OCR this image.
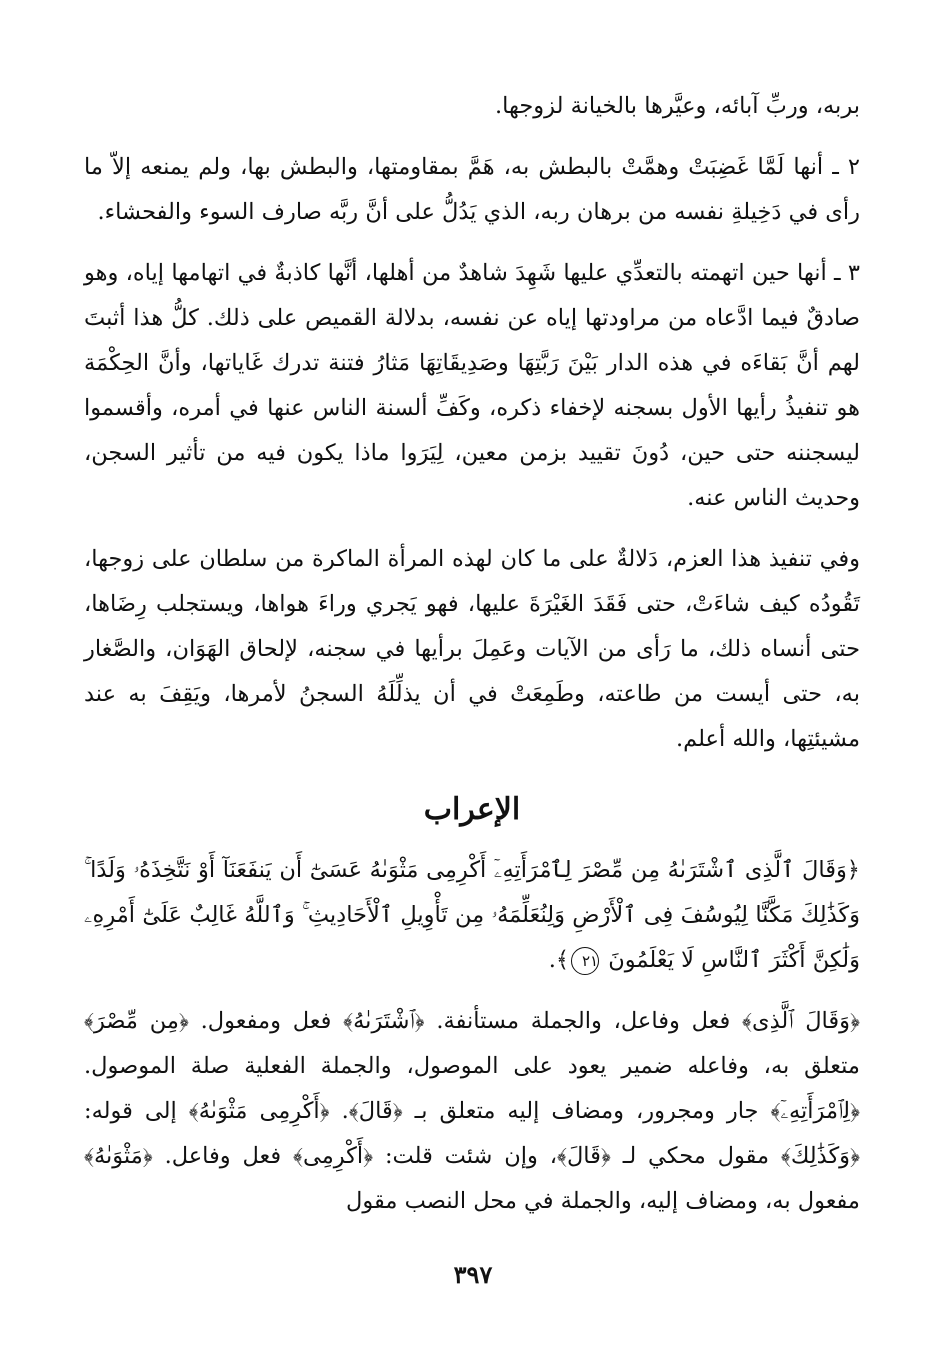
بربه، وربِّ آبائه، وعيَّرها بالخيانة لزوجها.

٢ ـ أنها لَمَّا غَضِبَتْ وهمَّتْ بالبطش به، هَمَّ بمقاومتها، والبطش بها، ولم يمنعه إلاّ ما رأى في دَخِيلةِ نفسه من برهان ربه، الذي يَدُلُّ على أنَّ ربَّه صارف السوء والفحشاء.

٣ ـ أنها حين اتهمته بالتعدِّي عليها شَهِدَ شاهدٌ من أهلها، أنَّها كاذبةٌ في اتهامها إياه، وهو صادقٌ فيما ادَّعاه من مراودتها إياه عن نفسه، بدلالة القميص على ذلك. كلُّ هذا أثبتَ لهم أنَّ بَقاءَه في هذه الدار بَيْنَ رَبَّتِهَا وصَدِيقَاتِهَا مَثارُ فتنة تدرك غَاياتها، وأنَّ الحِكْمَة هو تنفيذُ رأيها الأول بسجنه لإخفاء ذكره، وكَفِّ ألسنة الناس عنها في أمره، وأقسموا ليسجننه حتى حين، دُونَ تقييد بزمن معين، لِيَرَوا ماذا يكون فيه من تأثير السجن، وحديث الناس عنه.

وفي تنفيذ هذا العزم، دَلالةٌ على ما كان لهذه المرأة الماكرة من سلطان على زوجها، تَقُودُه كيف شاءَتْ، حتى فَقَدَ الغَيْرَةَ عليها، فهو يَجري وراءَ هواها، ويستجلب رِضَاها، حتى أنساه ذلك، ما رَأى من الآيات وعَمِلَ برأيها في سجنه، لإلحاق الهَوَان، والصَّغار به، حتى أيست من طاعته، وطَمِعَتْ في أن يذلِّلَهُ السجنُ لأمرها، ويَقِفَ به عند مشيئتِها، والله أعلم.

الإعراب

﴿وَقَالَ ٱلَّذِى ٱشْتَرَىٰهُ مِن مِّصْرَ لِٱمْرَأَتِهِۦٓ أَكْرِمِى مَثْوَىٰهُ عَسَىٰٓ أَن يَنفَعَنَآ أَوْ نَتَّخِذَهُۥ وَلَدًا ۚ وَكَذَٰلِكَ مَكَّنَّا لِيُوسُفَ فِى ٱلْأَرْضِ وَلِنُعَلِّمَهُۥ مِن تَأْوِيلِ ٱلْأَحَادِيثِ ۚ وَٱللَّهُ غَالِبٌ عَلَىٰٓ أَمْرِهِۦ وَلَٰكِنَّ أَكْثَرَ ٱلنَّاسِ لَا يَعْلَمُونَ ٢١﴾.

﴿وَقَالَ ٱلَّذِى﴾ فعل وفاعل، والجملة مستأنفة. ﴿ٱشْتَرَىٰهُ﴾ فعل ومفعول. ﴿مِن مِّصْرَ﴾ متعلق به، وفاعله ضمير يعود على الموصول، والجملة الفعلية صلة الموصول. ﴿لِٱمْرَأَتِهِۦٓ﴾ جار ومجرور، ومضاف إليه متعلق بـ ﴿قَالَ﴾. ﴿أَكْرِمِى مَثْوَىٰهُ﴾ إلى قوله: ﴿وَكَذَٰلِكَ﴾ مقول محكي لـ ﴿قَالَ﴾، وإن شئت قلت: ﴿أَكْرِمِى﴾ فعل وفاعل. ﴿مَثْوَىٰهُ﴾ مفعول به، ومضاف إليه، والجملة في محل النصب مقول

٣٩٧
